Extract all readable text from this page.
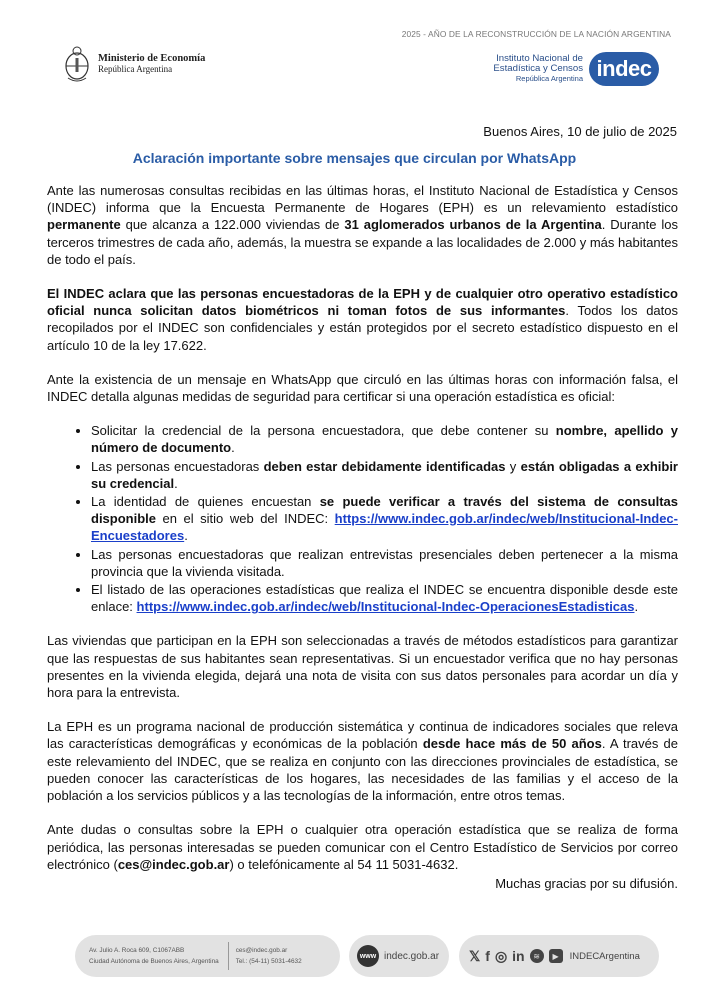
2025 - AÑO DE LA RECONSTRUCCIÓN DE LA NACIÓN ARGENTINA
Ministerio de Economía
República Argentina
Instituto Nacional de
Estadística y Censos
República Argentina indec
Buenos Aires, 10 de julio de 2025
Aclaración importante sobre mensajes que circulan por WhatsApp

Ante las numerosas consultas recibidas en las últimas horas, el Instituto Nacional de Estadística y Censos (INDEC) informa que la Encuesta Permanente de Hogares (EPH) es un relevamiento estadístico permanente que alcanza a 122.000 viviendas de 31 aglomerados urbanos de la Argentina. Durante los terceros trimestres de cada año, además, la muestra se expande a las localidades de 2.000 y más habitantes de todo el país.

El INDEC aclara que las personas encuestadoras de la EPH y de cualquier otro operativo estadístico oficial nunca solicitan datos biométricos ni toman fotos de sus informantes. Todos los datos recopilados por el INDEC son confidenciales y están protegidos por el secreto estadístico dispuesto en el artículo 10 de la ley 17.622.

Ante la existencia de un mensaje en WhatsApp que circuló en las últimas horas con información falsa, el INDEC detalla algunas medidas de seguridad para certificar si una operación estadística es oficial:

• Solicitar la credencial de la persona encuestadora, que debe contener su nombre, apellido y número de documento.
• Las personas encuestadoras deben estar debidamente identificadas y están obligadas a exhibir su credencial.
• La identidad de quienes encuestan se puede verificar a través del sistema de consultas disponible en el sitio web del INDEC: https://www.indec.gob.ar/indec/web/Institucional-Indec-Encuestadores.
• Las personas encuestadoras que realizan entrevistas presenciales deben pertenecer a la misma provincia que la vivienda visitada.
• El listado de las operaciones estadísticas que realiza el INDEC se encuentra disponible desde este enlace: https://www.indec.gob.ar/indec/web/Institucional-Indec-OperacionesEstadisticas.

Las viviendas que participan en la EPH son seleccionadas a través de métodos estadísticos para garantizar que las respuestas de sus habitantes sean representativas. Si un encuestador verifica que no hay personas presentes en la vivienda elegida, dejará una nota de visita con sus datos personales para acordar un día y hora para la entrevista.

La EPH es un programa nacional de producción sistemática y continua de indicadores sociales que releva las características demográficas y económicas de la población desde hace más de 50 años. A través de este relevamiento del INDEC, que se realiza en conjunto con las direcciones provinciales de estadística, se pueden conocer las características de los hogares, las necesidades de las familias y el acceso de la población a los servicios públicos y a las tecnologías de la información, entre otros temas.

Ante dudas o consultas sobre la EPH o cualquier otra operación estadística que se realiza de forma periódica, las personas interesadas se pueden comunicar con el Centro Estadístico de Servicios por correo electrónico (ces@indec.gob.ar) o telefónicamente al 54 11 5031-4632.

Muchas gracias por su difusión.
Av. Julio A. Roca 609, C1067ABB
Ciudad Autónoma de Buenos Aires, Argentina
ces@indec.gob.ar
Tel.: (54-11) 5031-4632
www indec.gob.ar 𝕏 f ◎ in	≋	▶	INDECArgentina
